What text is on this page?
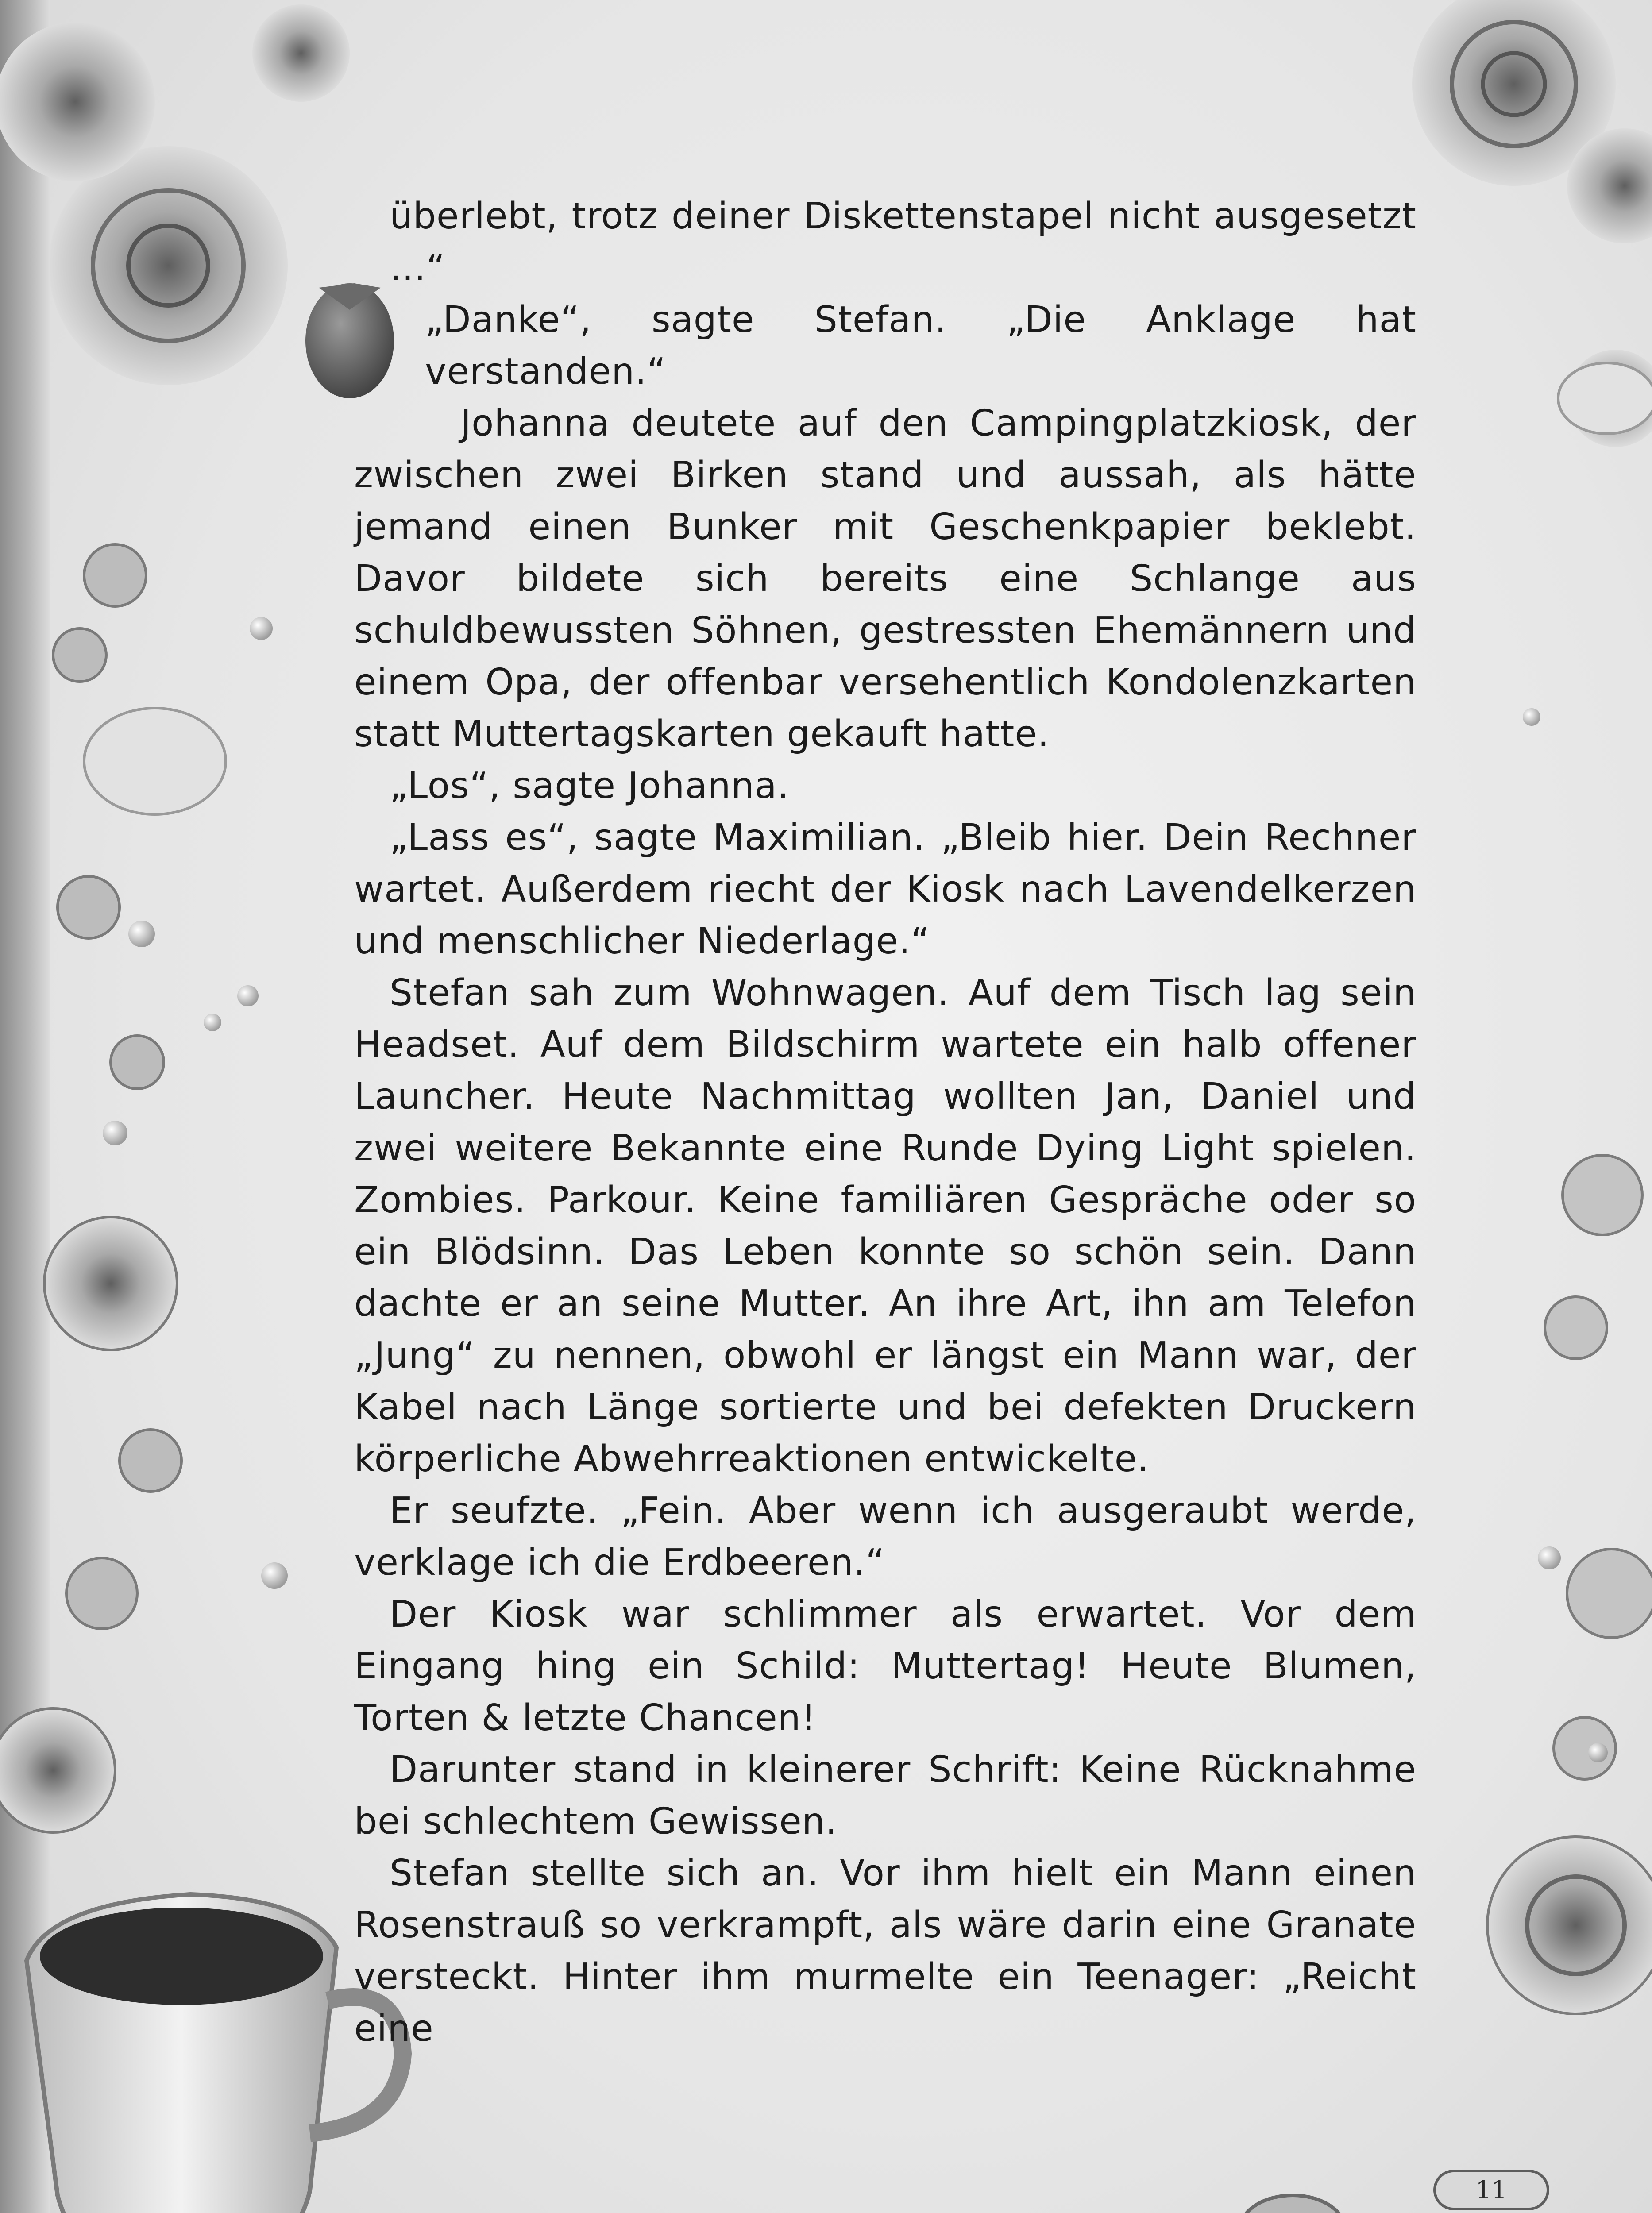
überlebt, trotz deiner Diskettenstapel nicht ausgesetzt …“

„Danke“, sagte Stefan. „Die Anklage hat verstanden.“

Johanna deutete auf den Campingplatzkiosk, der zwischen zwei Birken stand und aussah, als hätte jemand einen Bunker mit Geschenkpapier beklebt. Davor bildete sich bereits eine Schlange aus schuldbewussten Söhnen, gestressten Ehemännern und einem Opa, der offenbar versehentlich Kondolenzkarten statt Muttertagskarten gekauft hatte.

„Los“, sagte Johanna.

„Lass es“, sagte Maximilian. „Bleib hier. Dein Rechner wartet. Außerdem riecht der Kiosk nach Lavendelkerzen und menschlicher Niederlage.“

Stefan sah zum Wohnwagen. Auf dem Tisch lag sein Headset. Auf dem Bildschirm wartete ein halb offener Launcher. Heute Nachmittag wollten Jan, Daniel und zwei weitere Bekannte eine Runde Dying Light spielen. Zombies. Parkour. Keine familiären Gespräche oder so ein Blödsinn. Das Leben konnte so schön sein. Dann dachte er an seine Mutter. An ihre Art, ihn am Telefon „Jung“ zu nennen, obwohl er längst ein Mann war, der Kabel nach Länge sortierte und bei defekten Druckern körperliche Abwehrreaktionen entwickelte.

Er seufzte. „Fein. Aber wenn ich ausgeraubt werde, verklage ich die Erdbeeren.“

Der Kiosk war schlimmer als erwartet. Vor dem Eingang hing ein Schild: Muttertag! Heute Blumen, Torten & letzte Chancen!

Darunter stand in kleinerer Schrift: Keine Rücknahme bei schlechtem Gewissen.

Stefan stellte sich an. Vor ihm hielt ein Mann einen Rosenstrauß so verkrampft, als wäre darin eine Granate versteckt. Hinter ihm murmelte ein Teenager: „Reicht eine

11
